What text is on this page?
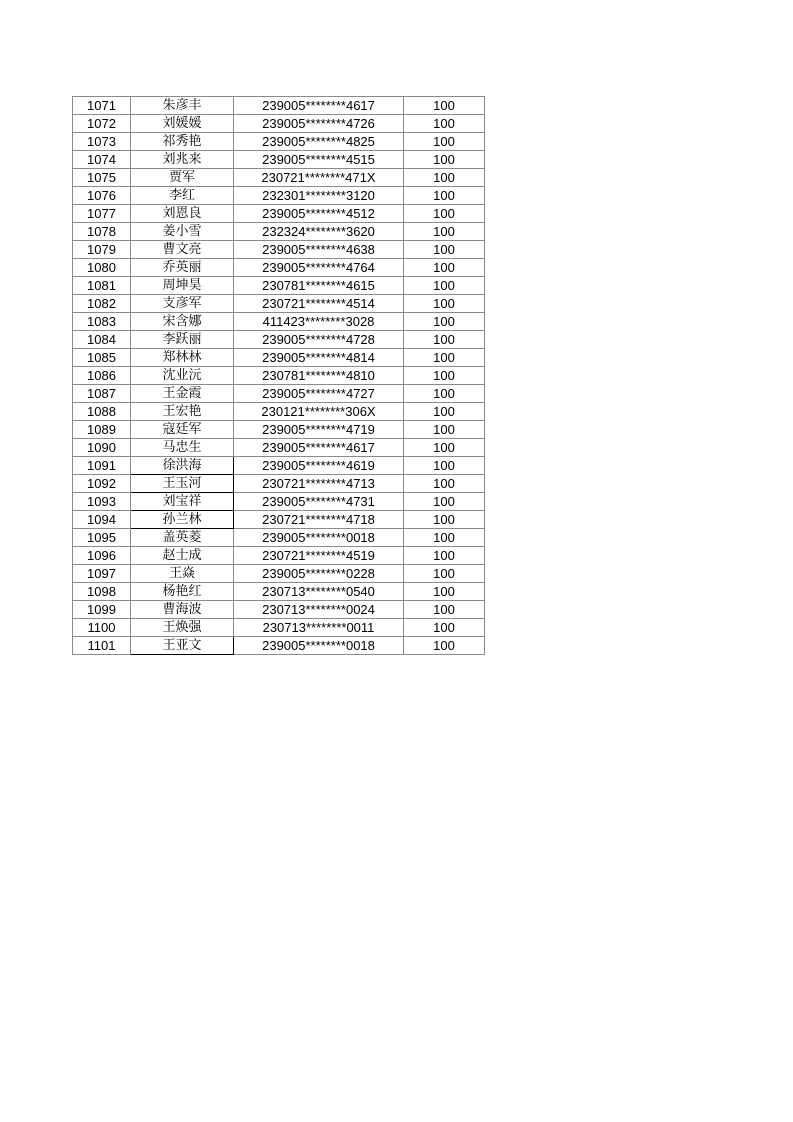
1071	朱彦丰	239005********4617	100
1072	刘媛媛	239005********4726	100
1073	祁秀艳	239005********4825	100
1074	刘兆来	239005********4515	100
1075	贾军	230721********471X	100
1076	李红	232301********3120	100
1077	刘恩良	239005********4512	100
1078	姜小雪	232324********3620	100
1079	曹文亮	239005********4638	100
1080	乔英丽	239005********4764	100
1081	周坤昊	230781********4615	100
1082	支彦军	230721********4514	100
1083	宋含娜	411423********3028	100
1084	李跃丽	239005********4728	100
1085	郑林林	239005********4814	100
1086	沈业沅	230781********4810	100
1087	王金霞	239005********4727	100
1088	王宏艳	230121********306X	100
1089	寇廷军	239005********4719	100
1090	马忠生	239005********4617	100
1091	徐洪海	239005********4619	100
1092	王玉河	230721********4713	100
1093	刘宝祥	239005********4731	100
1094	孙兰林	230721********4718	100
1095	盖英菱	239005********0018	100
1096	赵士成	230721********4519	100
1097	王焱	239005********0228	100
1098	杨艳红	230713********0540	100
1099	曹海波	230713********0024	100
1100	王焕强	230713********0011	100
1101	王亚文	239005********0018	100
